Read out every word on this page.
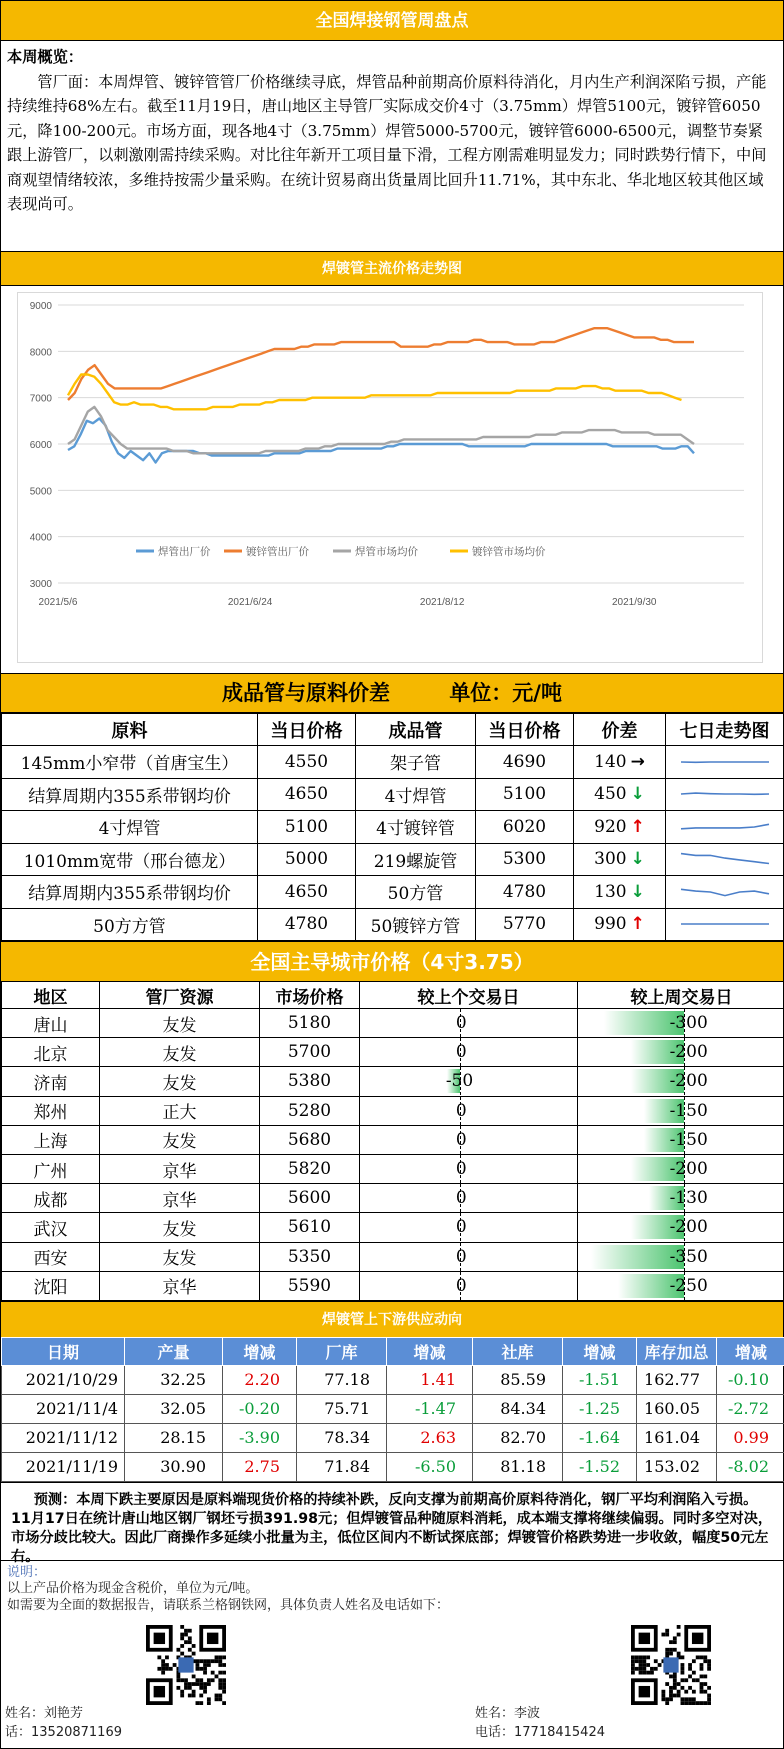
全国焊接钢管周盘点
本周概览：

管厂面：本周焊管、镀锌管管厂价格继续寻底，焊管品种前期高价原料待消化，月内生产利润深陷亏损，产能持续维持68%左右。截至11月19日，唐山地区主导管厂实际成交价4寸（3.75mm）焊管5100元，镀锌管6050元，降100-200元。市场方面，现各地4寸（3.75mm）焊管5000-5700元，镀锌管6000-6500元，调整节奏紧跟上游管厂，以刺激刚需持续采购。对比往年新开工项目量下滑，工程方刚需难明显发力；同时跌势行情下，中间商观望情绪较浓，多维持按需少量采购。在统计贸易商出货量周比回升11.71%，其中东北、华北地区较其他区域表现尚可。

焊镀管主流价格走势图
3000
4000
5000
6000
7000
8000
9000
2021/5/6	2021/6/24	2021/8/12	2021/9/30
焊管出厂价	镀锌管出厂价	焊管市场均价	镀锌管市场均价
成品管与原料价差	单位：元/吨
原料	当日价格	成品管	当日价格	价差	七日走势图
145mm小窄带（首唐宝生）	4550	架子管	4690	140 →	

结算周期内355系带钢均价	4650	4寸焊管	5100	450 ↓	

4寸焊管	5100	4寸镀锌管	6020	920 ↑	

1010mm宽带（邢台德龙）	5000	219螺旋管	5300	300 ↓	

结算周期内355系带钢均价	4650	50方管	4780	130 ↓	

50方方管	4780	50镀锌方管	5770	990 ↑	
全国主导城市价格（4寸3.75）
地区	管厂资源	市场价格	较上个交易日	较上周交易日
唐山	友发	5180	0	-300

北京	友发	5700	0	-200

济南	友发	5380	-50	-200

郑州	正大	5280	0	-150

上海	友发	5680	0	-150

广州	京华	5820	0	-200

成都	京华	5600	0	-130

武汉	友发	5610	0	-200

西安	友发	5350	0	-350

沈阳	京华	5590	0	-250
焊镀管上下游供应动向
日期	产量	增减	厂库	增减	社库	增减	库存加总	增减
2021/10/29	32.25	2.20	77.18	1.41	85.59	-1.51	162.77	-0.10
2021/11/4	32.05	-0.20	75.71	-1.47	84.34	-1.25	160.05	-2.72
2021/11/12	28.15	-3.90	78.34	2.63	82.70	-1.64	161.04	0.99
2021/11/19	30.90	2.75	71.84	-6.50	81.18	-1.52	153.02	-8.02

预测：本周下跌主要原因是原料端现货价格的持续补跌，反向支撑为前期高价原料待消化，钢厂平均利润陷入亏损。11月17日在统计唐山地区钢厂钢坯亏损391.98元；但焊镀管品种随原料消耗，成本端支撑将继续偏弱。同时多空对决，市场分歧比较大。因此厂商操作多延续小批量为主，低位区间内不断试探底部；焊镀管价格跌势进一步收敛，幅度50元左右。

说明：
以上产品价格为现金含税价，单位为元/吨。
如需要为全面的数据报告，请联系兰格钢铁网，具体负责人姓名及电话如下：
姓名：刘艳芳
话：13520871169
姓名：李波
电话：17718415424
